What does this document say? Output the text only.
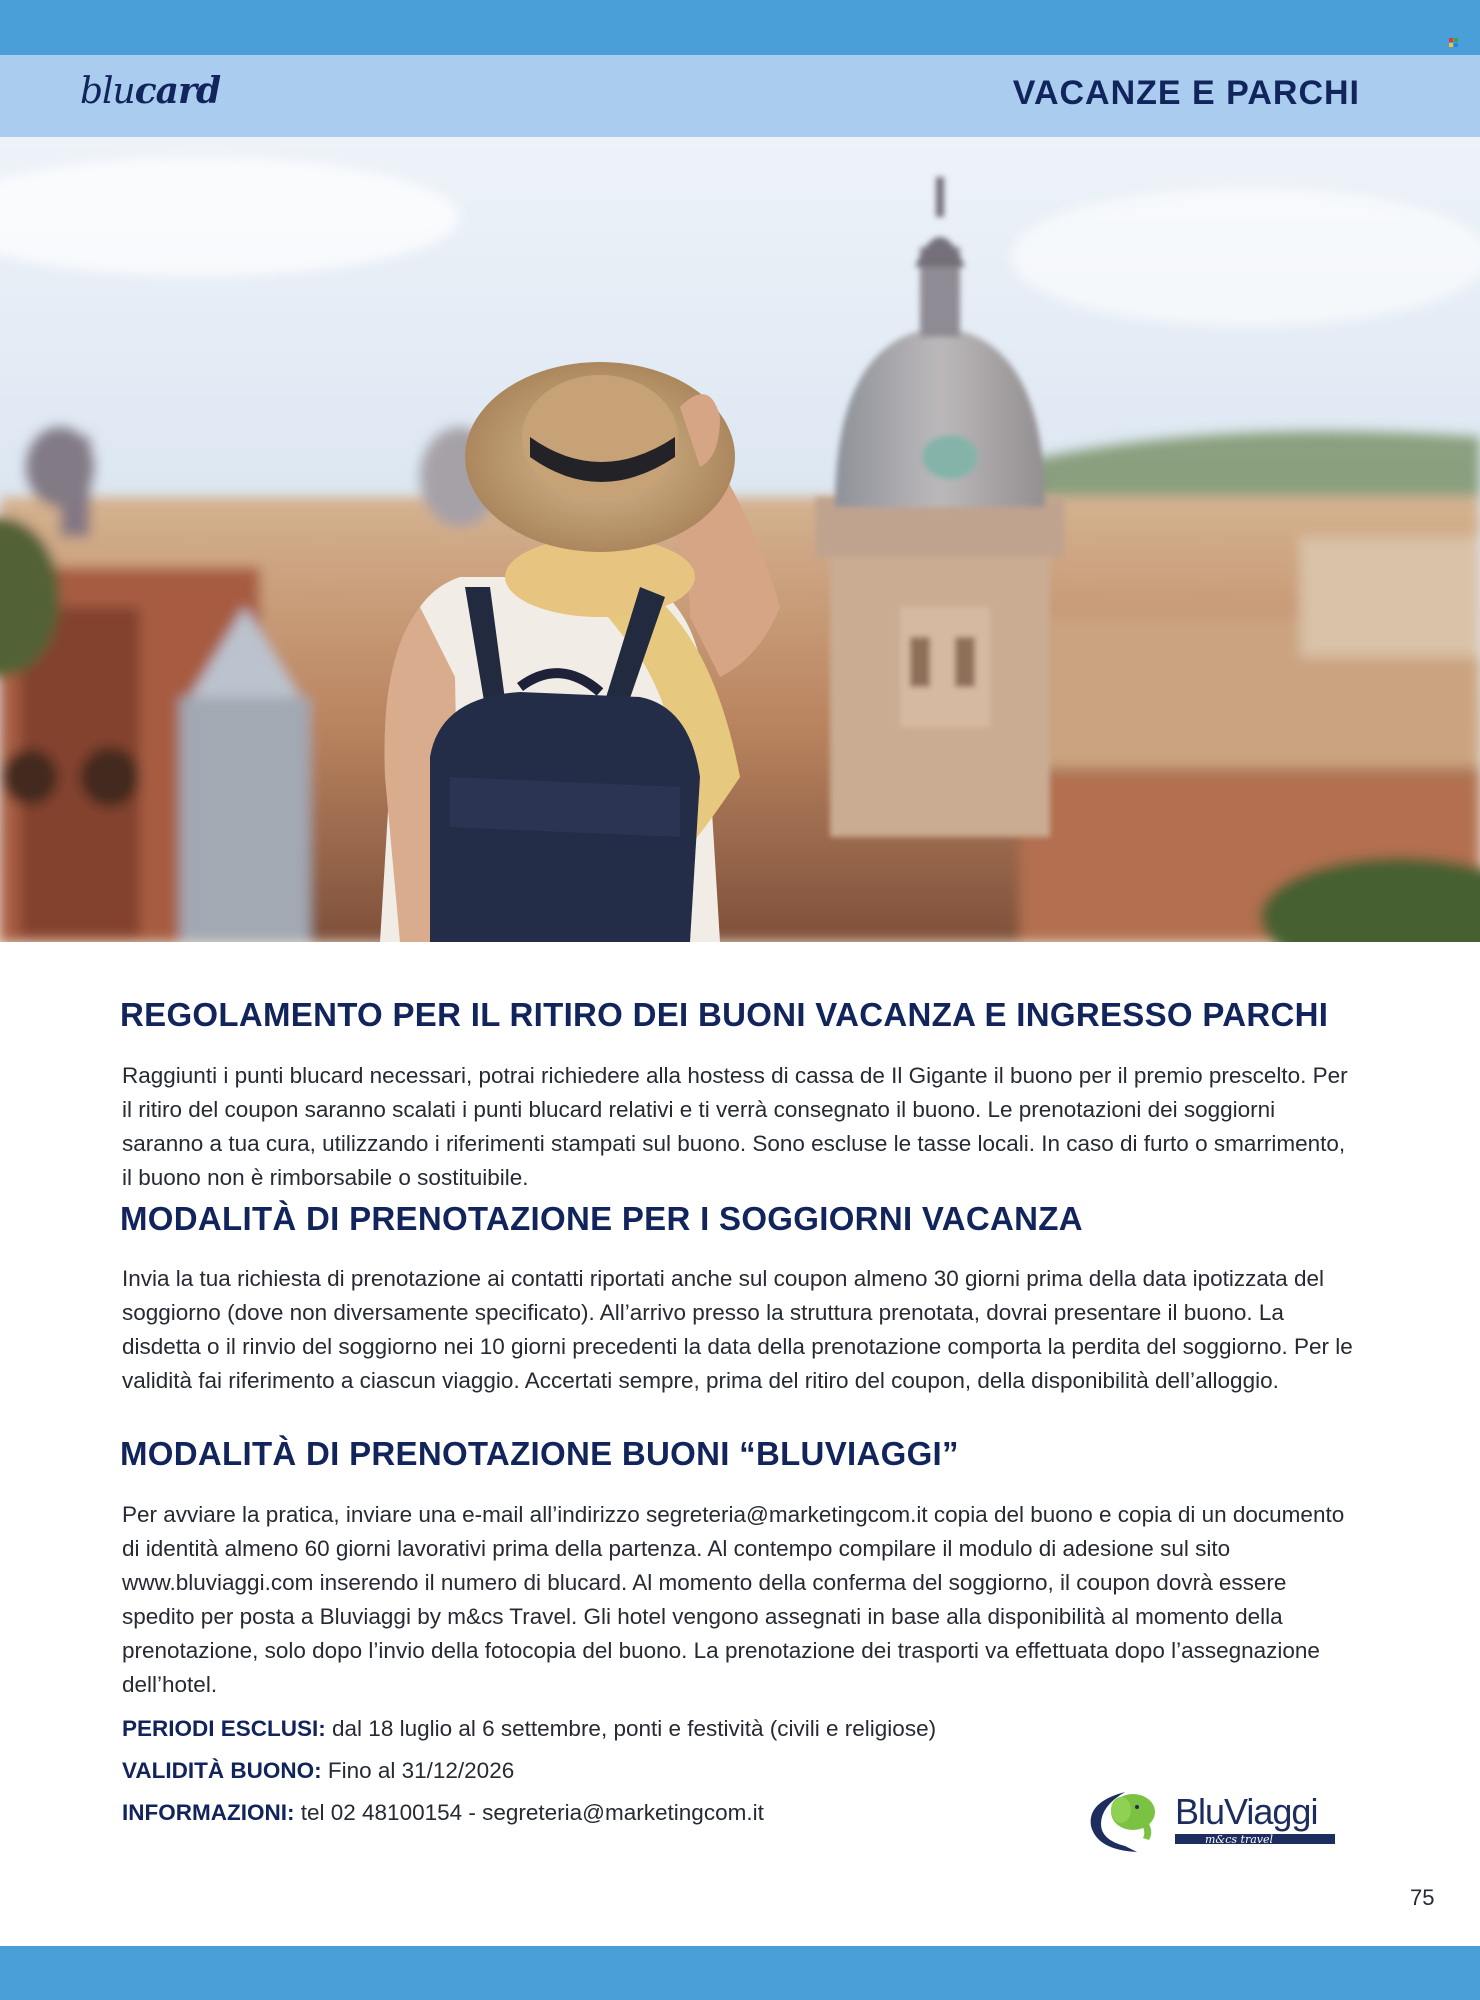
blucard	VACANZE E PARCHI
REGOLAMENTO PER IL RITIRO DEI BUONI VACANZA E INGRESSO PARCHI

Raggiunti i punti blucard necessari, potrai richiedere alla hostess di cassa de Il Gigante il buono per il premio prescelto. Per il ritiro del coupon saranno scalati i punti blucard relativi e ti verrà consegnato il buono. Le prenotazioni dei soggiorni saranno a tua cura, utilizzando i riferimenti stampati sul buono. Sono escluse le tasse locali. In caso di furto o smarrimento, il buono non è rimborsabile o sostituibile.

MODALITÀ DI PRENOTAZIONE PER I SOGGIORNI VACANZA

Invia la tua richiesta di prenotazione ai contatti riportati anche sul coupon almeno 30 giorni prima della data ipotizzata del soggiorno (dove non diversamente specificato). All’arrivo presso la struttura prenotata, dovrai presentare il buono. La disdetta o il rinvio del soggiorno nei 10 giorni precedenti la data della prenotazione comporta la perdita del soggiorno. Per le validità fai riferimento a ciascun viaggio. Accertati sempre, prima del ritiro del coupon, della disponibilità dell’alloggio.

MODALITÀ DI PRENOTAZIONE BUONI “BLUVIAGGI”

Per avviare la pratica, inviare una e-mail all’indirizzo segreteria@marketingcom.it copia del buono e copia di un documento di identità almeno 60 giorni lavorativi prima della partenza. Al contempo compilare il modulo di adesione sul sito www.bluviaggi.com inserendo il numero di blucard. Al momento della conferma del soggiorno, il coupon dovrà essere spedito per posta a Bluviaggi by m&cs Travel. Gli hotel vengono assegnati in base alla disponibilità al momento della prenotazione, solo dopo l’invio della fotocopia del buono. La prenotazione dei trasporti va effettuata dopo l’assegnazione dell’hotel.

PERIODI ESCLUSI: dal 18 luglio al 6 settembre, ponti e festività (civili e religiose)
VALIDITÀ BUONO: Fino al 31/12/2026
INFORMAZIONI: tel 02 48100154 - segreteria@marketingcom.it	BluViaggi
m&cs travel
75
